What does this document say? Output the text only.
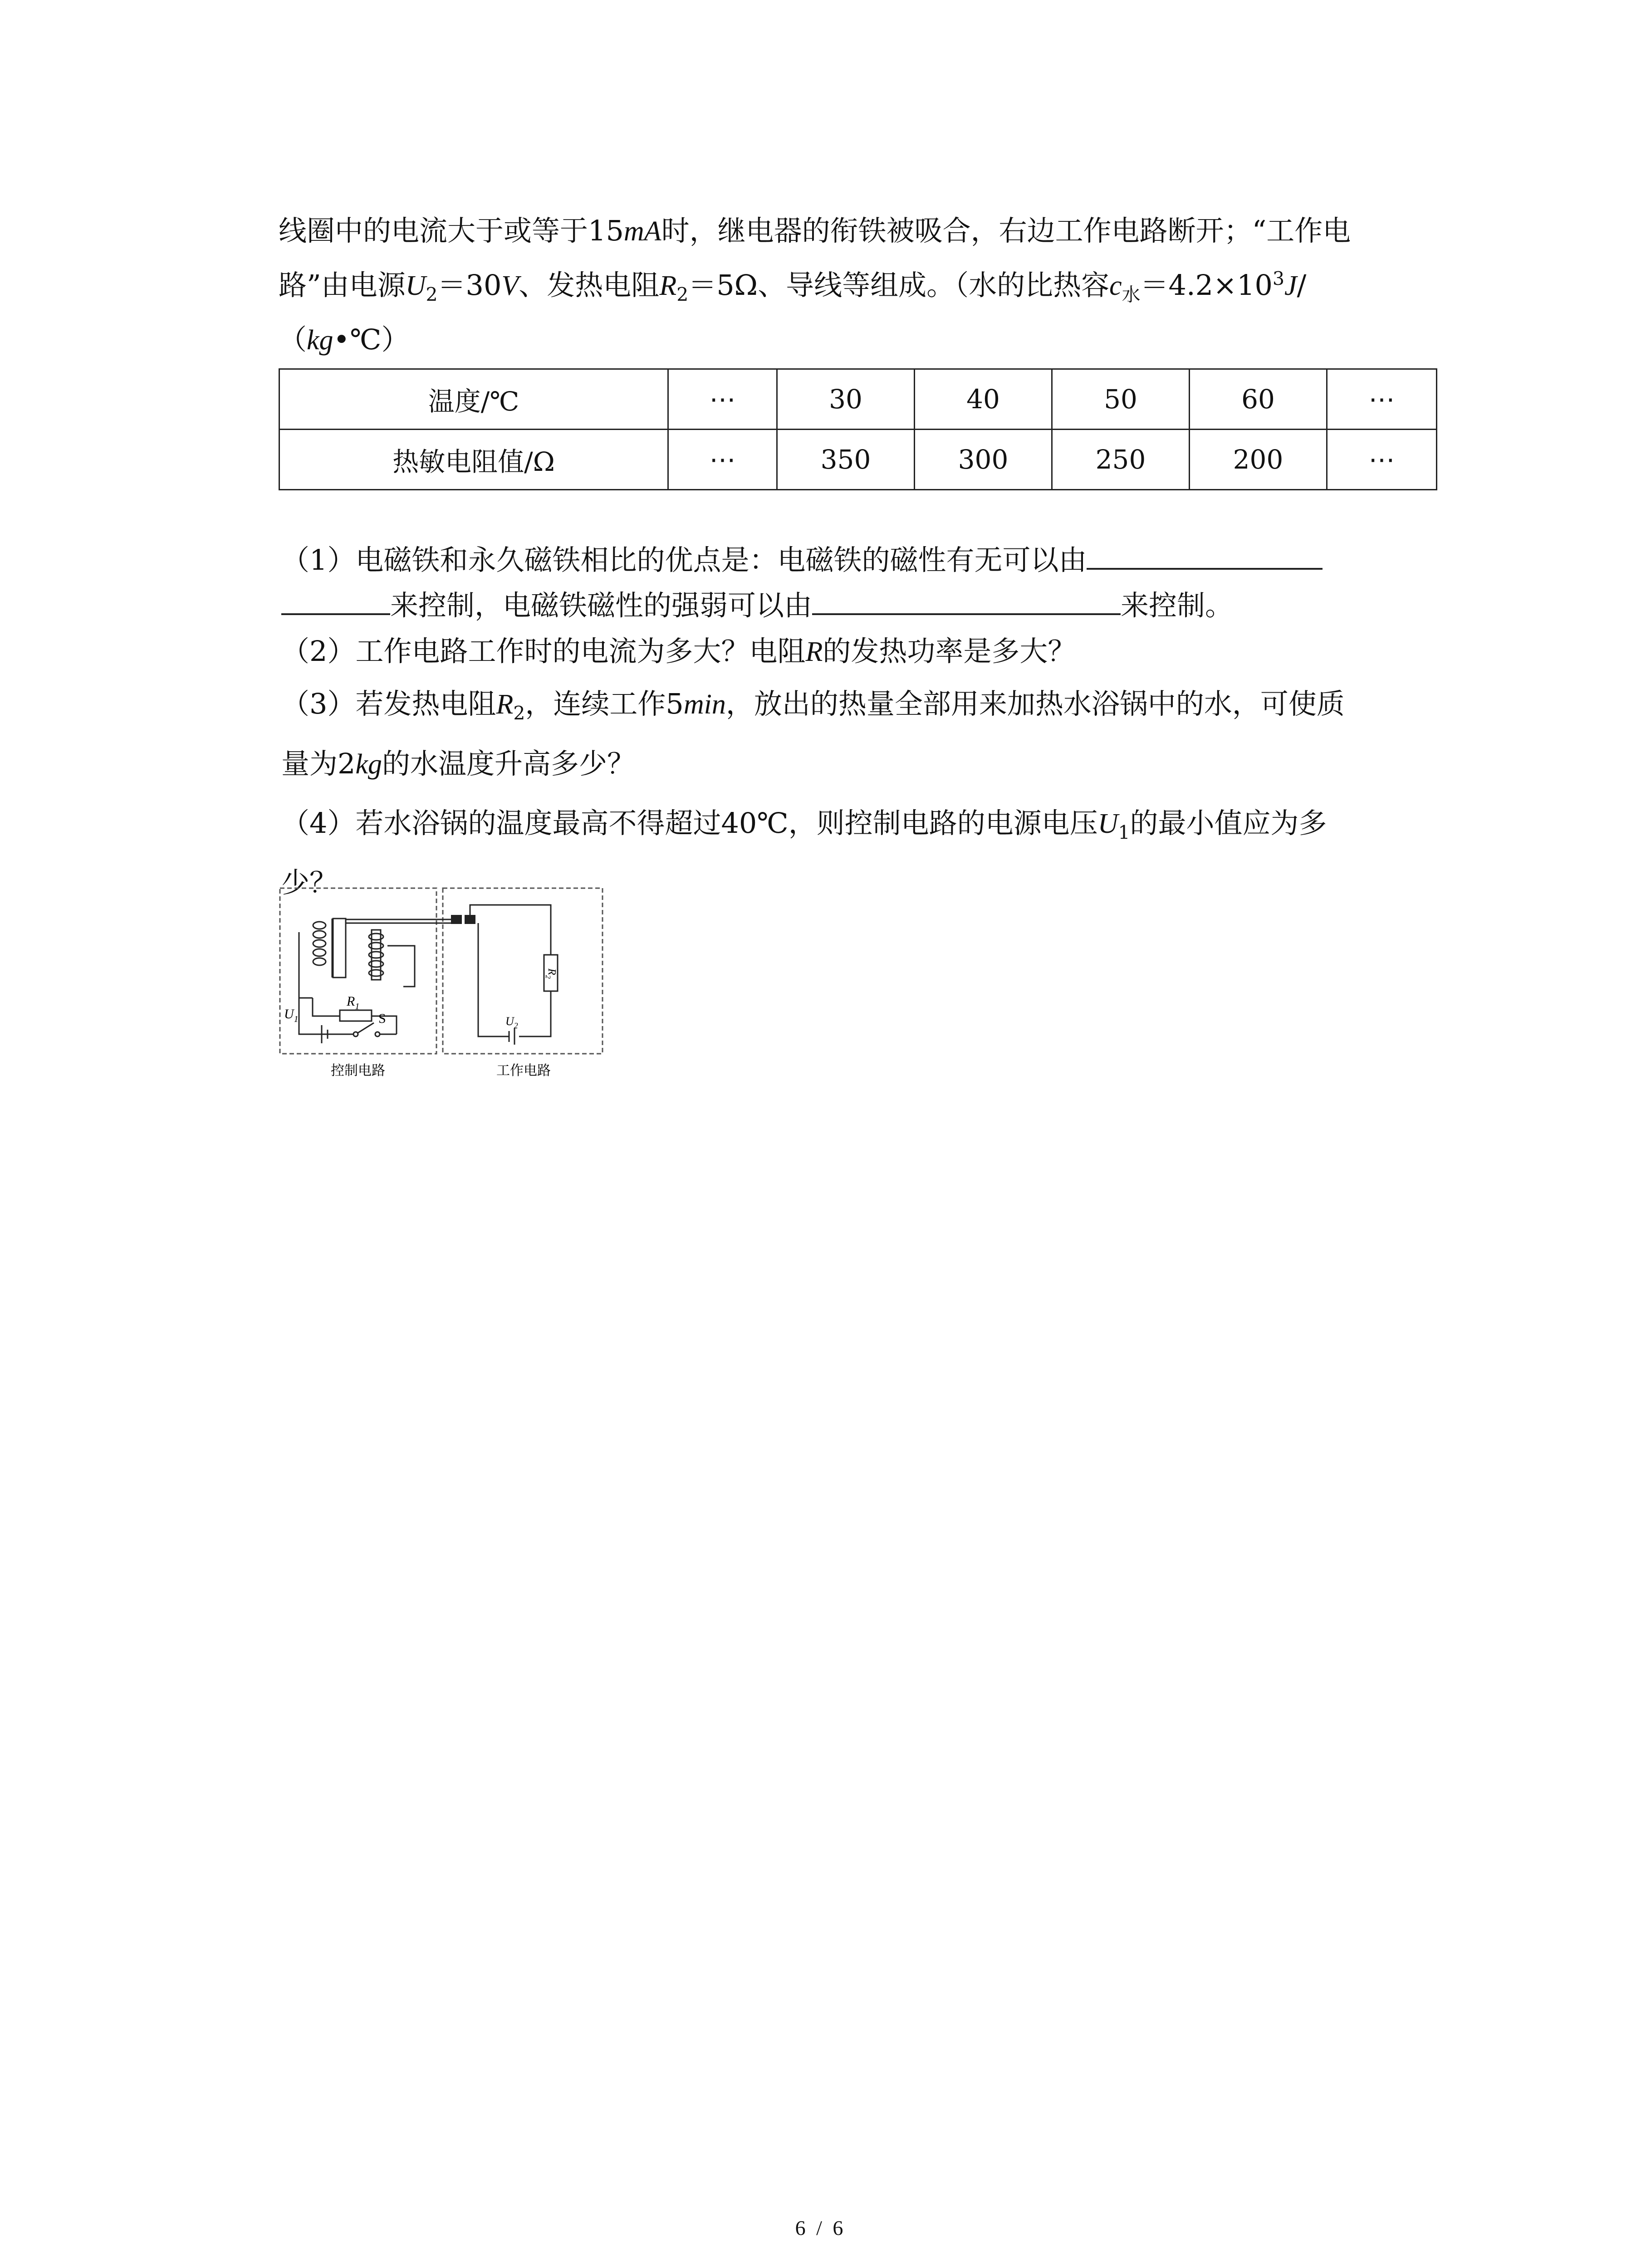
线圈中的电流大于或等于15mA时，继电器的衔铁被吸合，右边工作电路断开；“工作电
路”由电源$U_2=30V$、发热电阻$R_2=5\Omega$、导线等组成。（水的比热容$c_水=4.2\times 10^3J/$
（kg•℃）
温度/℃	⋯	30	40	50	60	⋯
热敏电阻值/Ω	⋯	350	300	250	200	⋯
（1）电磁铁和永久磁铁相比的优点是：电磁铁的磁性有无可以由
来控制，电磁铁磁性的强弱可以由	来控制。
（2）工作电路工作时的电流为多大？电阻R的发热功率是多大？
（3）若发热电阻$R_2$，连续工作5min，放出的热量全部用来加热水浴锅中的水，可使质
量为2kg的水温度升高多少？
（4）若水浴锅的温度最高不得超过40℃，则控制电路的电源电压$U_1$的最小值应为多
少？
$U_1$
$R_1$
S
$R_2$
$U_2$
控制电路	工作电路
6 / 6
